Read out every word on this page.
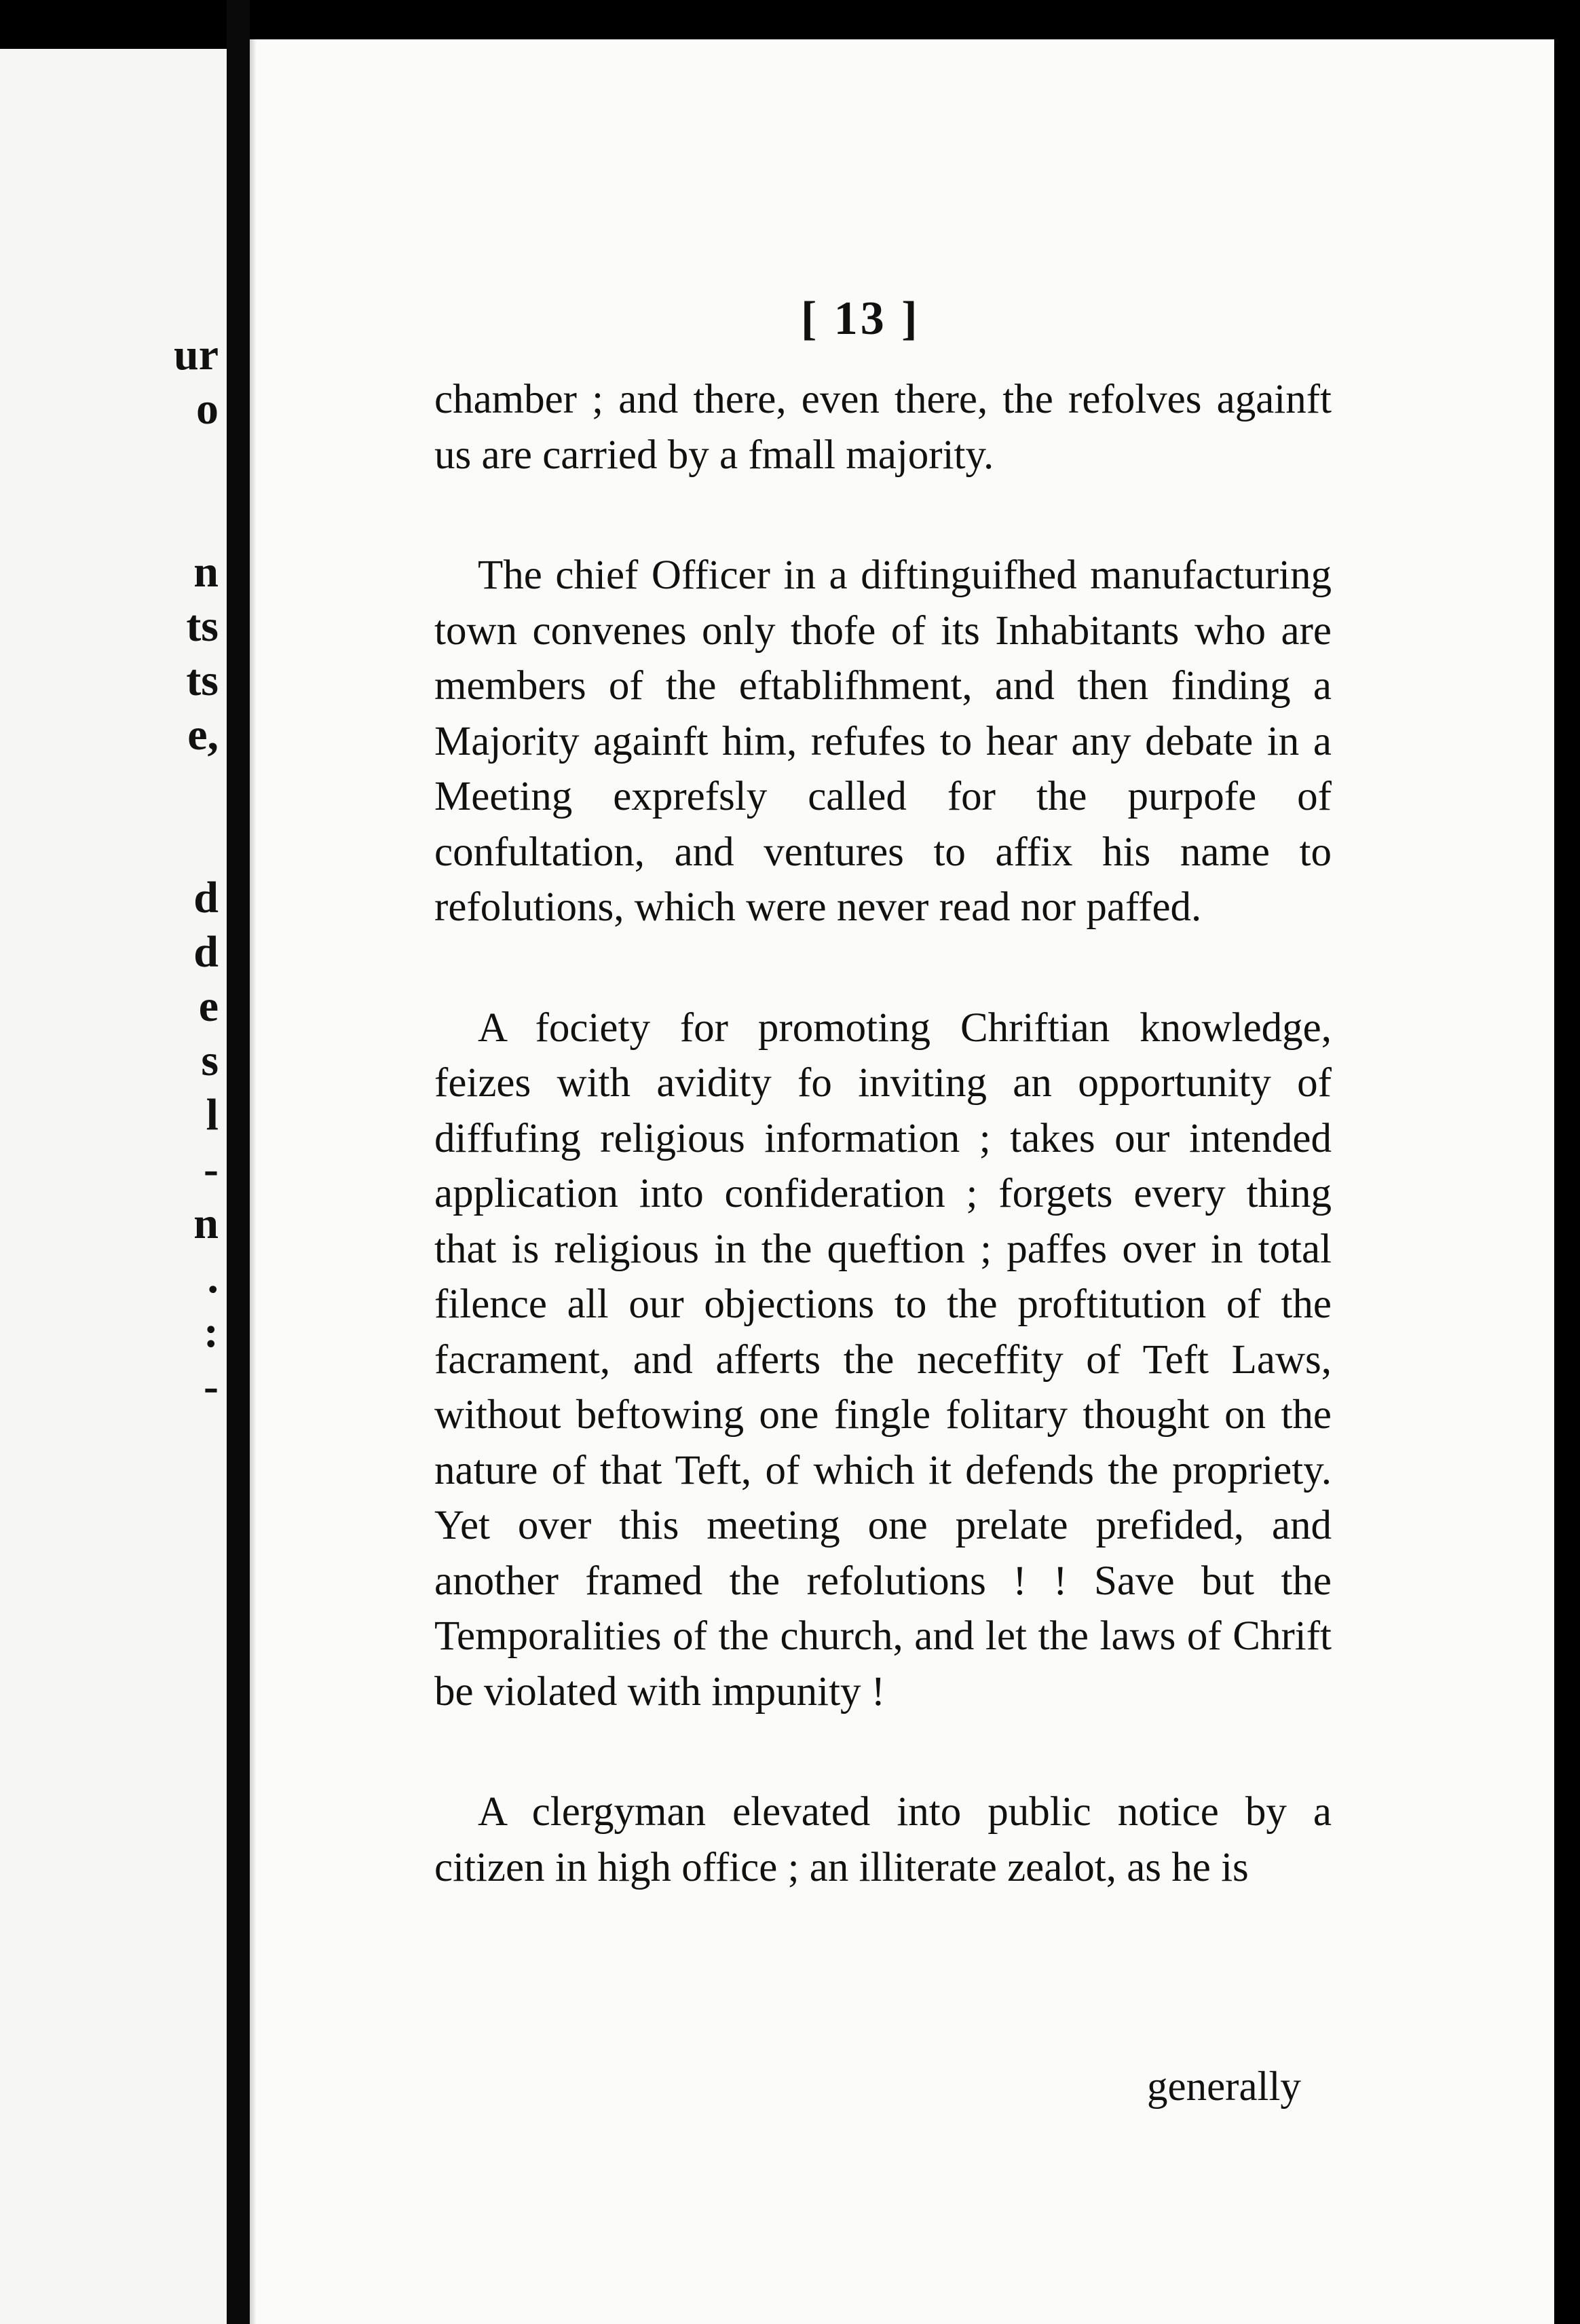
ur
o
n
ts
ts
e,
d
d
e
s
l
-
n
.
:
-
[ 13 ]

chamber ; and there, even there, the refolves againft us are carried by a fmall majority.

The chief Officer in a diftinguifhed manufacturing town convenes only thofe of its Inhabitants who are members of the eftablifhment, and then finding a Majority againft him, refufes to hear any debate in a Meeting exprefsly called for the purpofe of confultation, and ventures to affix his name to refolutions, which were never read nor paffed.

A fociety for promoting Chriftian knowledge, feizes with avidity fo inviting an opportunity of diffufing religious information ; takes our intended application into confideration ; forgets every thing that is religious in the queftion ; paffes over in total filence all our objections to the proftitution of the facrament, and afferts the neceffity of Teft Laws, without beftowing one fingle folitary thought on the nature of that Teft, of which it defends the propriety. Yet over this meeting one prelate prefided, and another framed the refolutions ! ! Save but the Temporalities of the church, and let the laws of Chrift be violated with impunity !

A clergyman elevated into public notice by a citizen in high office ; an illiterate zealot, as he is

generally
